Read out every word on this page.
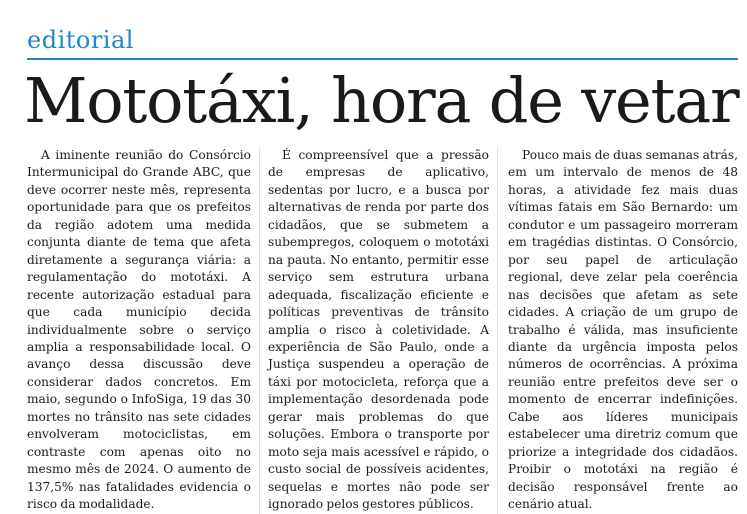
editorial
Mototáxi, hora de vetar

A iminente reunião do Consórcio Intermunicipal do Grande ABC, que deve ocorrer neste mês, representa oportunidade para que os prefeitos da região adotem uma medida conjunta diante de tema que afeta diretamente a segurança viária: a regulamentação do mototáxi. A recente autorização estadual para que cada município decida individualmente sobre o serviço amplia a responsabilidade local. O avanço dessa discussão deve considerar dados concretos. Em maio, segundo o InfoSiga, 19 das 30 mortes no trânsito nas sete cidades envolveram motociclistas, em contraste com apenas oito no mesmo mês de 2024. O aumento de 137,5% nas fatalidades evidencia o risco da modalidade.

É compreensível que a pressão de empresas de aplicativo, sedentas por lucro, e a busca por alternativas de renda por parte dos cidadãos, que se submetem a subempregos, coloquem o mototáxi na pauta. No entanto, permitir esse serviço sem estrutura urbana adequada, fiscalização eficiente e políticas preventivas de trânsito amplia o risco à coletividade. A experiência de São Paulo, onde a Justiça suspendeu a operação de táxi por motocicleta, reforça que a implementação desordenada pode gerar mais problemas do que soluções. Embora o transporte por moto seja mais acessível e rápido, o custo social de possíveis acidentes, sequelas e mortes não pode ser ignorado pelos gestores públicos.

Pouco mais de duas semanas atrás, em um intervalo de menos de 48 horas, a atividade fez mais duas vítimas fatais em São Bernardo: um condutor e um passageiro morreram em tragédias distintas. O Consórcio, por seu papel de articulação regional, deve zelar pela coerência nas decisões que afetam as sete cidades. A criação de um grupo de trabalho é válida, mas insuficiente diante da urgência imposta pelos números de ocorrências. A próxima reunião entre prefeitos deve ser o momento de encerrar indefinições. Cabe aos líderes municipais estabelecer uma diretriz comum que priorize a integridade dos cidadãos. Proibir o mototáxi na região é decisão responsável frente ao cenário atual.
